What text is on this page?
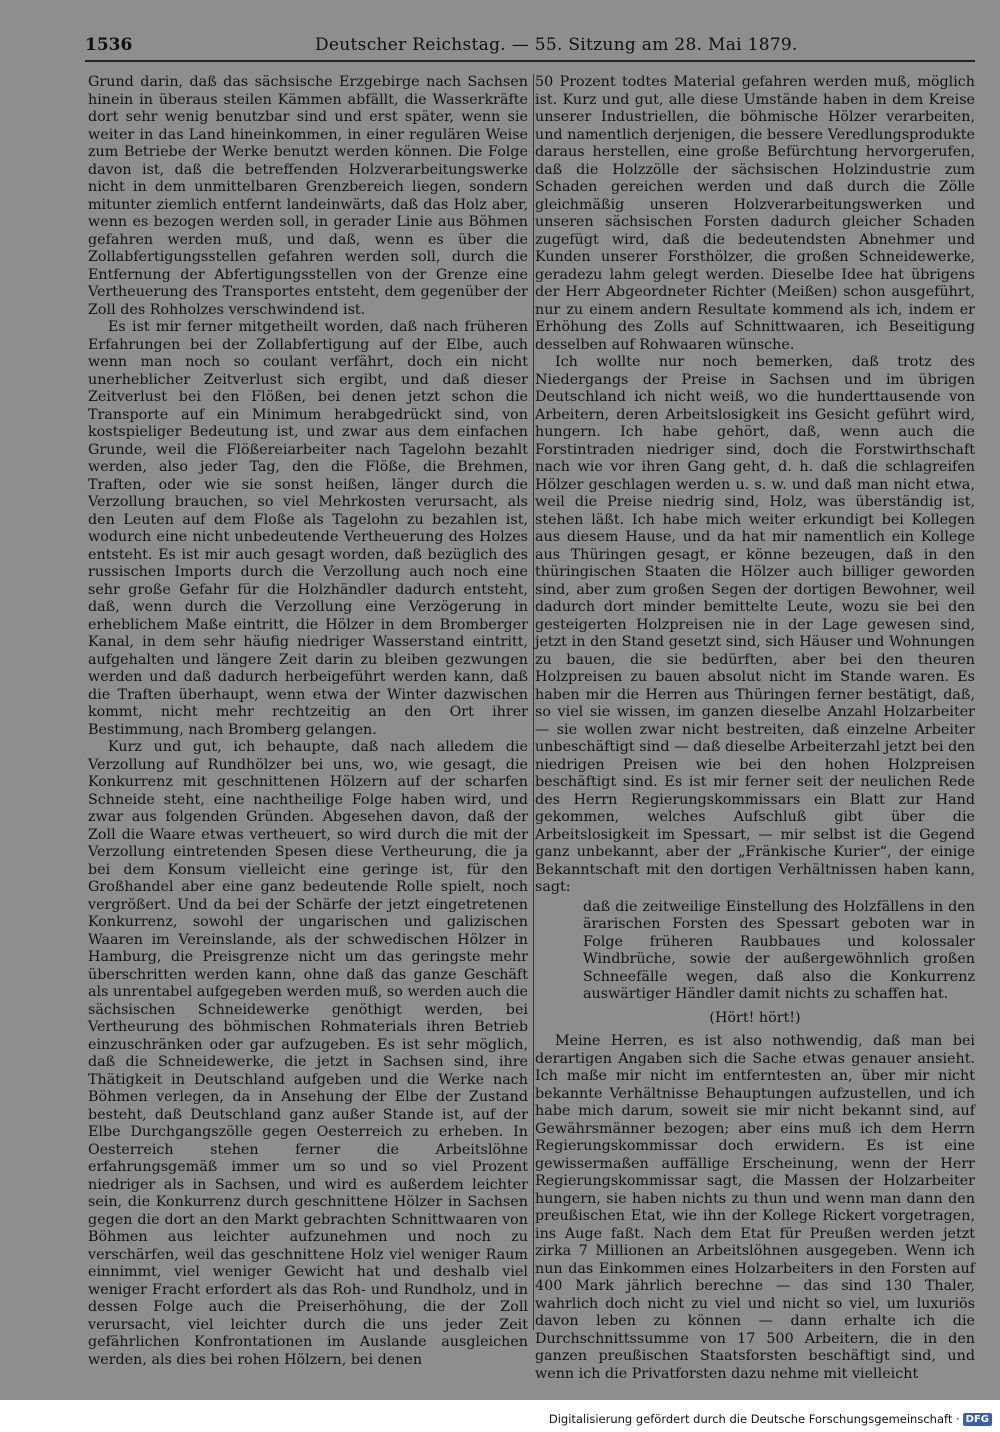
1536	Deutscher Reichstag. — 55. Sitzung am 28. Mai 1879.

Grund darin, daß das sächsische Erzgebirge nach Sachsen hinein in überaus steilen Kämmen abfällt, die Wasserkräfte dort sehr wenig benutzbar sind und erst später, wenn sie weiter in das Land hineinkommen, in einer regulären Weise zum Betriebe der Werke benutzt werden können. Die Folge davon ist, daß die betreffenden Holzverarbeitungswerke nicht in dem unmittelbaren Grenzbereich liegen, sondern mitunter ziemlich entfernt landeinwärts, daß das Holz aber, wenn es bezogen werden soll, in gerader Linie aus Böhmen gefahren werden muß, und daß, wenn es über die Zollabfertigungsstellen gefahren werden soll, durch die Entfernung der Abfertigungsstellen von der Grenze eine Vertheuerung des Transportes entsteht, dem gegenüber der Zoll des Rohholzes verschwindend ist.

Es ist mir ferner mitgetheilt worden, daß nach früheren Erfahrungen bei der Zollabfertigung auf der Elbe, auch wenn man noch so coulant verfährt, doch ein nicht unerheblicher Zeitverlust sich ergibt, und daß dieser Zeitverlust bei den Flößen, bei denen jetzt schon die Transporte auf ein Minimum herabgedrückt sind, von kostspieliger Bedeutung ist, und zwar aus dem einfachen Grunde, weil die Flößereiarbeiter nach Tagelohn bezahlt werden, also jeder Tag, den die Flöße, die Brehmen, Traften, oder wie sie sonst heißen, länger durch die Verzollung brauchen, so viel Mehrkosten verursacht, als den Leuten auf dem Floße als Tagelohn zu bezahlen ist, wodurch eine nicht unbedeutende Vertheuerung des Holzes entsteht. Es ist mir auch gesagt worden, daß bezüglich des russischen Imports durch die Verzollung auch noch eine sehr große Gefahr für die Holzhändler dadurch entsteht, daß, wenn durch die Verzollung eine Verzögerung in erheblichem Maße eintritt, die Hölzer in dem Bromberger Kanal, in dem sehr häufig niedriger Wasserstand eintritt, aufgehalten und längere Zeit darin zu bleiben gezwungen werden und daß dadurch herbeigeführt werden kann, daß die Traften überhaupt, wenn etwa der Winter dazwischen kommt, nicht mehr rechtzeitig an den Ort ihrer Bestimmung, nach Bromberg gelangen.

Kurz und gut, ich behaupte, daß nach alledem die Verzollung auf Rundhölzer bei uns, wo, wie gesagt, die Konkurrenz mit geschnittenen Hölzern auf der scharfen Schneide steht, eine nachtheilige Folge haben wird, und zwar aus folgenden Gründen. Abgesehen davon, daß der Zoll die Waare etwas vertheuert, so wird durch die mit der Verzollung eintretenden Spesen diese Vertheurung, die ja bei dem Konsum vielleicht eine geringe ist, für den Großhandel aber eine ganz bedeutende Rolle spielt, noch vergrößert. Und da bei der Schärfe der jetzt eingetretenen Konkurrenz, sowohl der ungarischen und galizischen Waaren im Vereinslande, als der schwedischen Hölzer in Hamburg, die Preisgrenze nicht um das geringste mehr überschritten werden kann, ohne daß das ganze Geschäft als unrentabel aufgegeben werden muß, so werden auch die sächsischen Schneidewerke genöthigt werden, bei Vertheurung des böhmischen Rohmaterials ihren Betrieb einzuschränken oder gar aufzugeben. Es ist sehr möglich, daß die Schneidewerke, die jetzt in Sachsen sind, ihre Thätigkeit in Deutschland aufgeben und die Werke nach Böhmen verlegen, da in Ansehung der Elbe der Zustand besteht, daß Deutschland ganz außer Stande ist, auf der Elbe Durchgangszölle gegen Oesterreich zu erheben. In Oesterreich stehen ferner die Arbeitslöhne erfahrungsgemäß immer um so und so viel Prozent niedriger als in Sachsen, und wird es außerdem leichter sein, die Konkurrenz durch geschnittene Hölzer in Sachsen gegen die dort an den Markt gebrachten Schnittwaaren von Böhmen aus leichter aufzunehmen und noch zu verschärfen, weil das geschnittene Holz viel weniger Raum einnimmt, viel weniger Gewicht hat und deshalb viel weniger Fracht erfordert als das Roh- und Rundholz, und in dessen Folge auch die Preiserhöhung, die der Zoll verursacht, viel leichter durch die uns jeder Zeit gefährlichen Konfrontationen im Auslande ausgleichen werden, als dies bei rohen Hölzern, bei denen

50 Prozent todtes Material gefahren werden muß, möglich ist. Kurz und gut, alle diese Umstände haben in dem Kreise unserer Industriellen, die böhmische Hölzer verarbeiten, und namentlich derjenigen, die bessere Veredlungsprodukte daraus herstellen, eine große Befürchtung hervorgerufen, daß die Holzzölle der sächsischen Holzindustrie zum Schaden gereichen werden und daß durch die Zölle gleichmäßig unseren Holzverarbeitungswerken und unseren sächsischen Forsten dadurch gleicher Schaden zugefügt wird, daß die bedeutendsten Abnehmer und Kunden unserer Forsthölzer, die großen Schneidewerke, geradezu lahm gelegt werden. Dieselbe Idee hat übrigens der Herr Abgeordneter Richter (Meißen) schon ausgeführt, nur zu einem andern Resultate kommend als ich, indem er Erhöhung des Zolls auf Schnittwaaren, ich Beseitigung desselben auf Rohwaaren wünsche.

Ich wollte nur noch bemerken, daß trotz des Niedergangs der Preise in Sachsen und im übrigen Deutschland ich nicht weiß, wo die hunderttausende von Arbeitern, deren Arbeitslosigkeit ins Gesicht geführt wird, hungern. Ich habe gehört, daß, wenn auch die Forstintraden niedriger sind, doch die Forstwirthschaft nach wie vor ihren Gang geht, d. h. daß die schlagreifen Hölzer geschlagen werden u. s. w. und daß man nicht etwa, weil die Preise niedrig sind, Holz, was überständig ist, stehen läßt. Ich habe mich weiter erkundigt bei Kollegen aus diesem Hause, und da hat mir namentlich ein Kollege aus Thüringen gesagt, er könne bezeugen, daß in den thüringischen Staaten die Hölzer auch billiger geworden sind, aber zum großen Segen der dortigen Bewohner, weil dadurch dort minder bemittelte Leute, wozu sie bei den gesteigerten Holzpreisen nie in der Lage gewesen sind, jetzt in den Stand gesetzt sind, sich Häuser und Wohnungen zu bauen, die sie bedürften, aber bei den theuren Holzpreisen zu bauen absolut nicht im Stande waren. Es haben mir die Herren aus Thüringen ferner bestätigt, daß, so viel sie wissen, im ganzen dieselbe Anzahl Holzarbeiter — sie wollen zwar nicht bestreiten, daß einzelne Arbeiter unbeschäftigt sind — daß dieselbe Arbeiterzahl jetzt bei den niedrigen Preisen wie bei den hohen Holzpreisen beschäftigt sind. Es ist mir ferner seit der neulichen Rede des Herrn Regierungskommissars ein Blatt zur Hand gekommen, welches Aufschluß gibt über die Arbeitslosigkeit im Spessart, — mir selbst ist die Gegend ganz unbekannt, aber der „Fränkische Kurier“, der einige Bekanntschaft mit den dortigen Verhältnissen haben kann, sagt:

daß die zeitweilige Einstellung des Holzfällens in den ärarischen Forsten des Spessart geboten war in Folge früheren Raubbaues und kolossaler Windbrüche, sowie der außergewöhnlich großen Schneefälle wegen, daß also die Konkurrenz auswärtiger Händler damit nichts zu schaffen hat.

(Hört! hört!)

Meine Herren, es ist also nothwendig, daß man bei derartigen Angaben sich die Sache etwas genauer ansieht. Ich maße mir nicht im entferntesten an, über mir nicht bekannte Verhältnisse Behauptungen aufzustellen, und ich habe mich darum, soweit sie mir nicht bekannt sind, auf Gewährsmänner bezogen; aber eins muß ich dem Herrn Regierungskommissar doch erwidern. Es ist eine gewissermaßen auffällige Erscheinung, wenn der Herr Regierungskommissar sagt, die Massen der Holzarbeiter hungern, sie haben nichts zu thun und wenn man dann den preußischen Etat, wie ihn der Kollege Rickert vorgetragen, ins Auge faßt. Nach dem Etat für Preußen werden jetzt zirka 7 Millionen an Arbeitslöhnen ausgegeben. Wenn ich nun das Einkommen eines Holzarbeiters in den Forsten auf 400 Mark jährlich berechne — das sind 130 Thaler, wahrlich doch nicht zu viel und nicht so viel, um luxuriös davon leben zu können — dann erhalte ich die Durchschnittssumme von 17 500 Arbeitern, die in den ganzen preußischen Staatsforsten beschäftigt sind, und wenn ich die Privatforsten dazu nehme mit vielleicht

Digitalisierung gefördert durch die Deutsche Forschungsgemeinschaft · DFG
